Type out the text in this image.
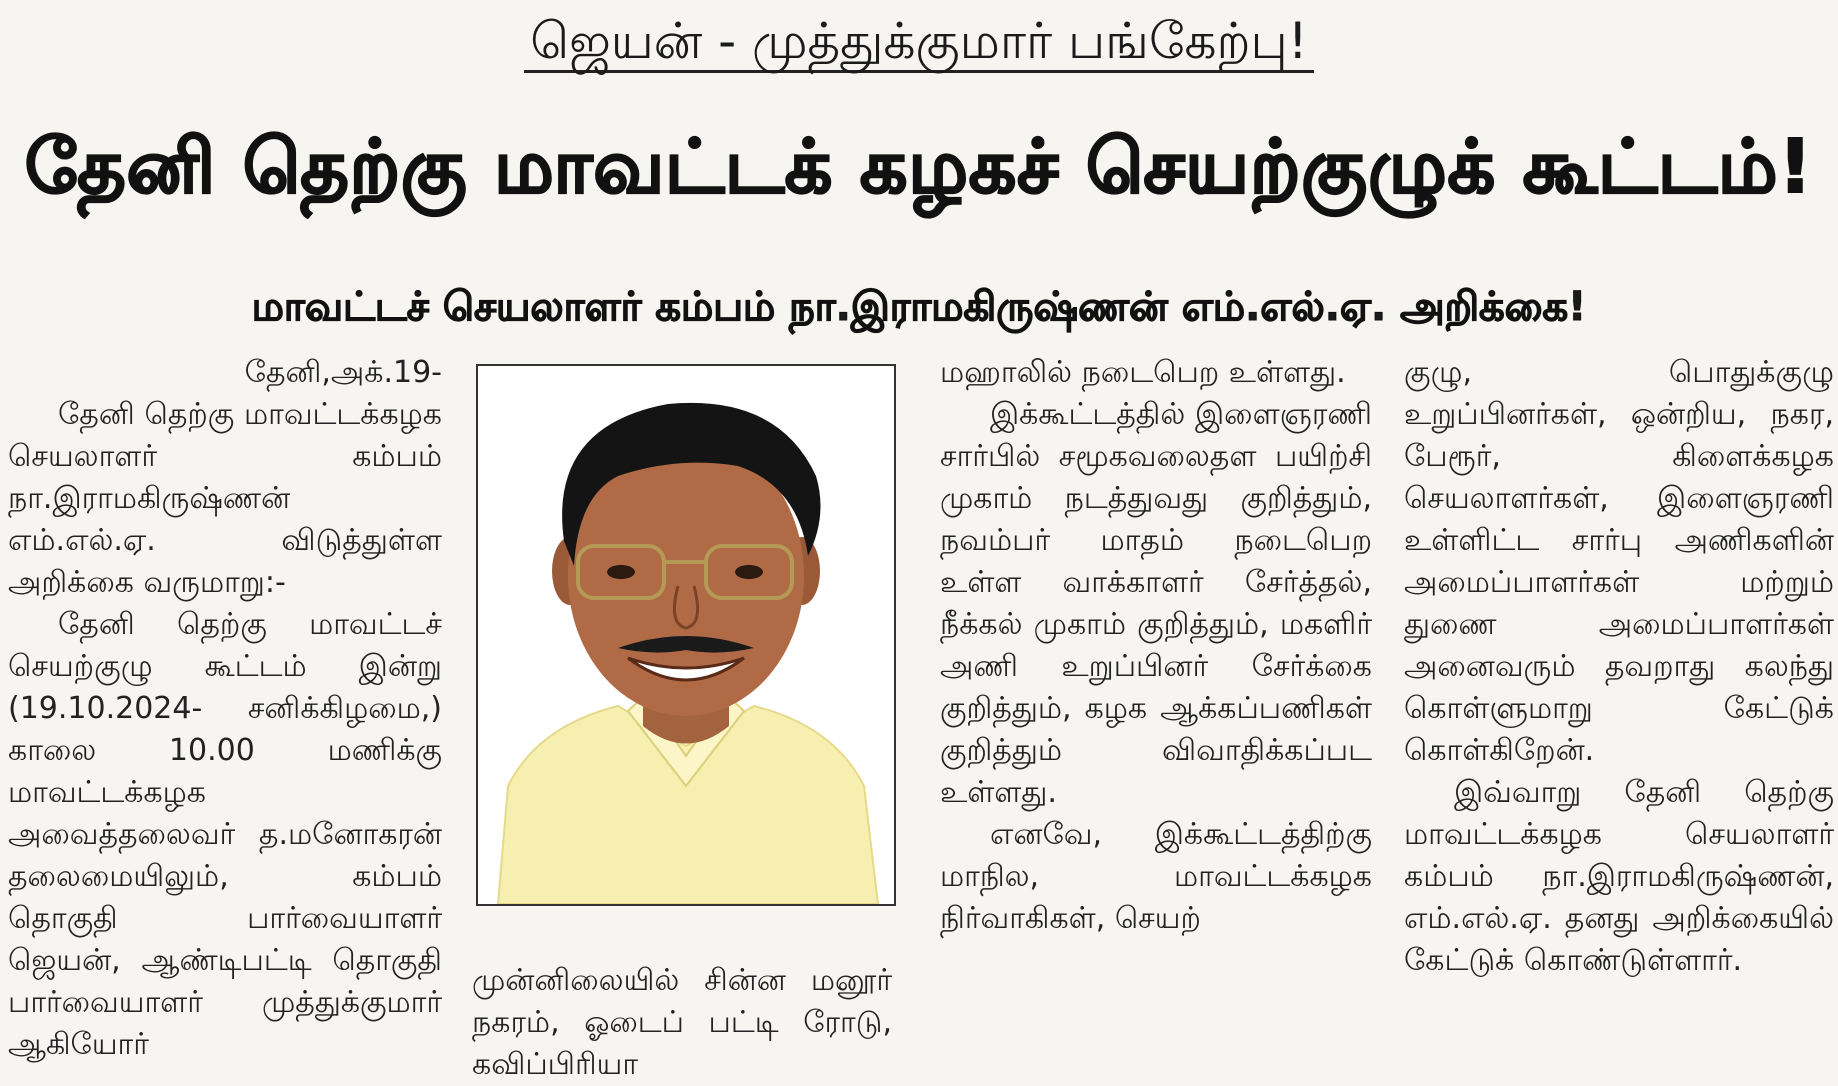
ஜெயன் - முத்துக்குமார் பங்கேற்பு!
தேனி தெற்கு மாவட்டக் கழகச் செயற்குழுக் கூட்டம்!
மாவட்டச் செயலாளர் கம்பம் நா.இராமகிருஷ்ணன் எம்.எல்.ஏ. அறிக்கை!
தேனி,அக்.19-

தேனி தெற்கு மாவட்டக்கழக செயலாளர் கம்பம் நா.இராமகிருஷ்ணன் எம்.எல்.ஏ. விடுத்துள்ள அறிக்கை வருமாறு:-

தேனி தெற்கு மாவட்டச் செயற்குழு கூட்டம் இன்று (19.10.2024- சனிக்கிழமை,) காலை 10.00 மணிக்கு மாவட்டக்கழக அவைத்தலைவர் த.மனோகரன் தலைமையிலும், கம்பம் தொகுதி பார்வையாளர் ஜெயன், ஆண்டிபட்டி தொகுதி பார்வையாளர் முத்துக்குமார் ஆகியோர்

முன்னிலையில் சின்ன மனூர் நகரம், ஓடைப் பட்டி ரோடு, கவிப்பிரியா

மஹாலில் நடைபெற உள்ளது.

இக்கூட்டத்தில் இளைஞரணி சார்பில் சமூகவலைதள பயிற்சி முகாம் நடத்துவது குறித்தும், நவம்பர் மாதம் நடைபெற உள்ள வாக்காளர் சேர்த்தல், நீக்கல் முகாம் குறித்தும், மகளிர் அணி உறுப்பினர் சேர்க்கை குறித்தும், கழக ஆக்கப்பணிகள் குறித்தும் விவாதிக்கப்பட உள்ளது.

எனவே, இக்கூட்டத்திற்கு மாநில, மாவட்டக்கழக நிர்வாகிகள், செயற்

குழு, பொதுக்குழு உறுப்பினர்கள், ஒன்றிய, நகர, பேரூர், கிளைக்கழக செயலாளர்கள், இளைஞரணி உள்ளிட்ட சார்பு அணிகளின் அமைப்பாளர்கள் மற்றும் துணை அமைப்பாளர்கள் அனைவரும் தவறாது கலந்து கொள்ளுமாறு கேட்டுக் கொள்கிறேன்.

இவ்வாறு தேனி தெற்கு மாவட்டக்கழக செயலாளர் கம்பம் நா.இராமகிருஷ்ணன், எம்.எல்.ஏ. தனது அறிக்கையில் கேட்டுக் கொண்டுள்ளார்.
